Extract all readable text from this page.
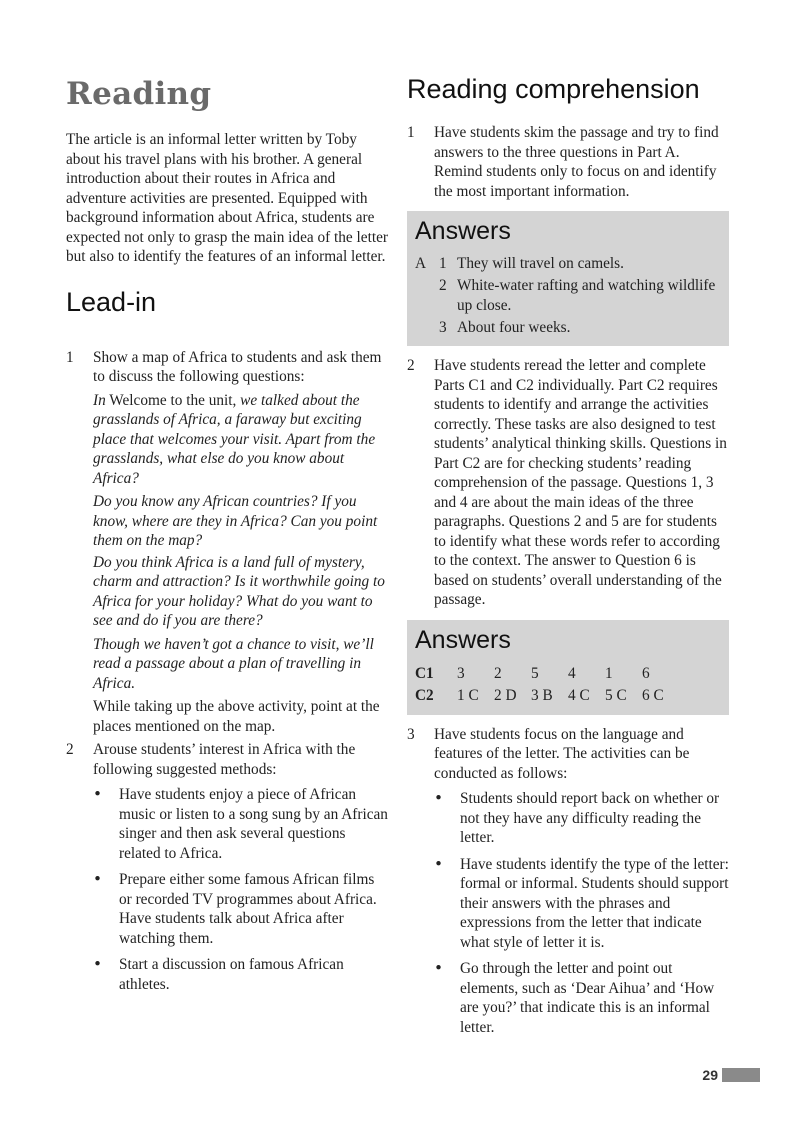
Reading

The article is an informal letter written by Toby about his travel plans with his brother. A general introduction about their routes in Africa and adventure activities are presented. Equipped with background information about Africa, students are expected not only to grasp the main idea of the letter but also to identify the features of an informal letter.

Lead-in
1	Show a map of Africa to students and ask them to discuss the following questions:

In Welcome to the unit, we talked about the grasslands of Africa, a faraway but exciting place that welcomes your visit. Apart from the grasslands, what else do you know about Africa?

Do you know any African countries? If you know, where are they in Africa? Can you point them on the map?

Do you think Africa is a land full of mystery, charm and attraction? Is it worthwhile going to Africa for your holiday? What do you want to see and do if you are there?

Though we haven’t got a chance to visit, we’ll read a passage about a plan of travelling in Africa.

While taking up the above activity, point at the places mentioned on the map.

2	Arouse students’ interest in Africa with the following suggested methods:

•	Have students enjoy a piece of African music or listen to a song sung by an African singer and then ask several questions related to Africa.
•	Prepare either some famous African films or recorded TV programmes about Africa. Have students talk about Africa after watching them.
•	Start a discussion on famous African athletes.
Reading comprehension
1	Have students skim the passage and try to find answers to the three questions in Part A. Remind students only to focus on and identify the most important information.

Answers
A 1 They will travel on camels.
2 White-water rafting and watching wildlife up close.
3 About four weeks.
2	Have students reread the letter and complete Parts C1 and C2 individually. Part C2 requires students to identify and arrange the activities correctly. These tasks are also designed to test students’ analytical thinking skills. Questions in Part C2 are for checking students’ reading comprehension of the passage. Questions 1, 3 and 4 are about the main ideas of the three paragraphs. Questions 2 and 5 are for students to identify what these words refer to according to the context. The answer to Question 6 is based on students’ overall understanding of the passage.

Answers
C1	3	2	5	4	1	6
C2	1 C	2 D 3 B	4 C	5 C	6 C
3	Have students focus on the language and features of the letter. The activities can be conducted as follows:

•	Students should report back on whether or not they have any difficulty reading the letter.
•	Have students identify the type of the letter: formal or informal. Students should support their answers with the phrases and expressions from the letter that indicate what style of letter it is.
•	Go through the letter and point out elements, such as ‘Dear Aihua’ and ‘How are you?’ that indicate this is an informal letter.
29
